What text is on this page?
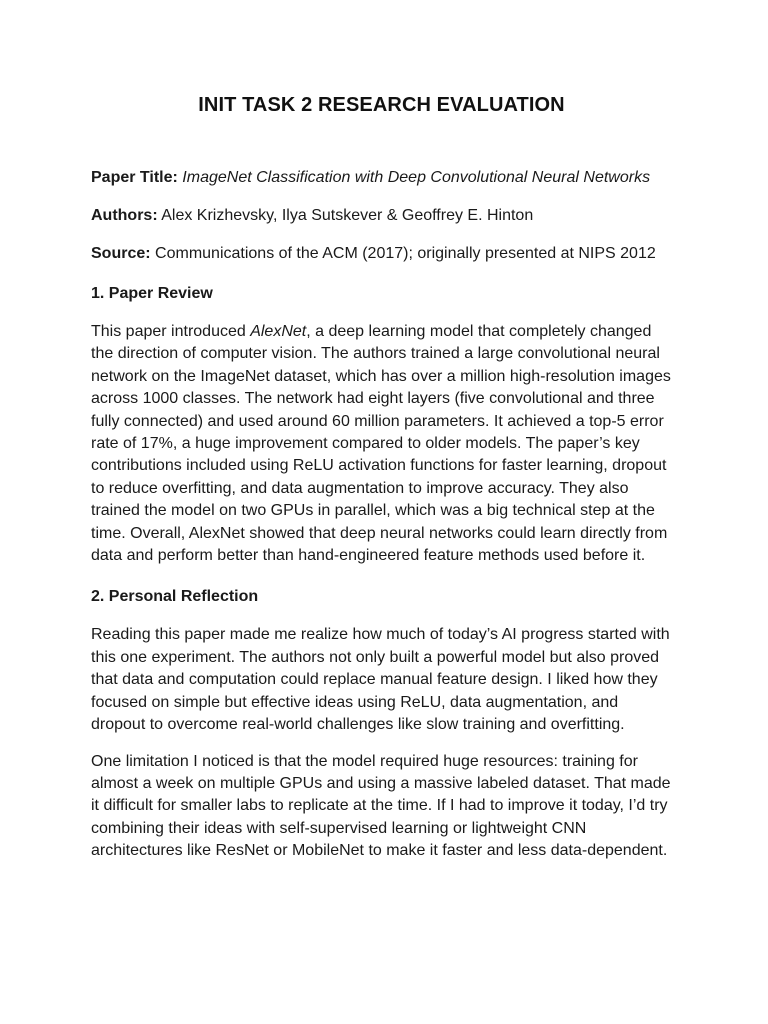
INIT TASK 2 RESEARCH EVALUATION

Paper Title: ImageNet Classification with Deep Convolutional Neural Networks

Authors: Alex Krizhevsky, Ilya Sutskever & Geoffrey E. Hinton

Source: Communications of the ACM (2017); originally presented at NIPS 2012

1. Paper Review

This paper introduced AlexNet, a deep learning model that completely changed the direction of computer vision. The authors trained a large convolutional neural network on the ImageNet dataset, which has over a million high-resolution images across 1000 classes. The network had eight layers (five convolutional and three fully connected) and used around 60 million parameters. It achieved a top-5 error rate of 17%, a huge improvement compared to older models. The paper’s key contributions included using ReLU activation functions for faster learning, dropout to reduce overfitting, and data augmentation to improve accuracy. They also trained the model on two GPUs in parallel, which was a big technical step at the time. Overall, AlexNet showed that deep neural networks could learn directly from data and perform better than hand-engineered feature methods used before it.

2. Personal Reflection

Reading this paper made me realize how much of today’s AI progress started with this one experiment. The authors not only built a powerful model but also proved that data and computation could replace manual feature design. I liked how they focused on simple but effective ideas using ReLU, data augmentation, and dropout to overcome real-world challenges like slow training and overfitting.

One limitation I noticed is that the model required huge resources: training for almost a week on multiple GPUs and using a massive labeled dataset. That made it difficult for smaller labs to replicate at the time. If I had to improve it today, I’d try combining their ideas with self-supervised learning or lightweight CNN architectures like ResNet or MobileNet to make it faster and less data-dependent.
